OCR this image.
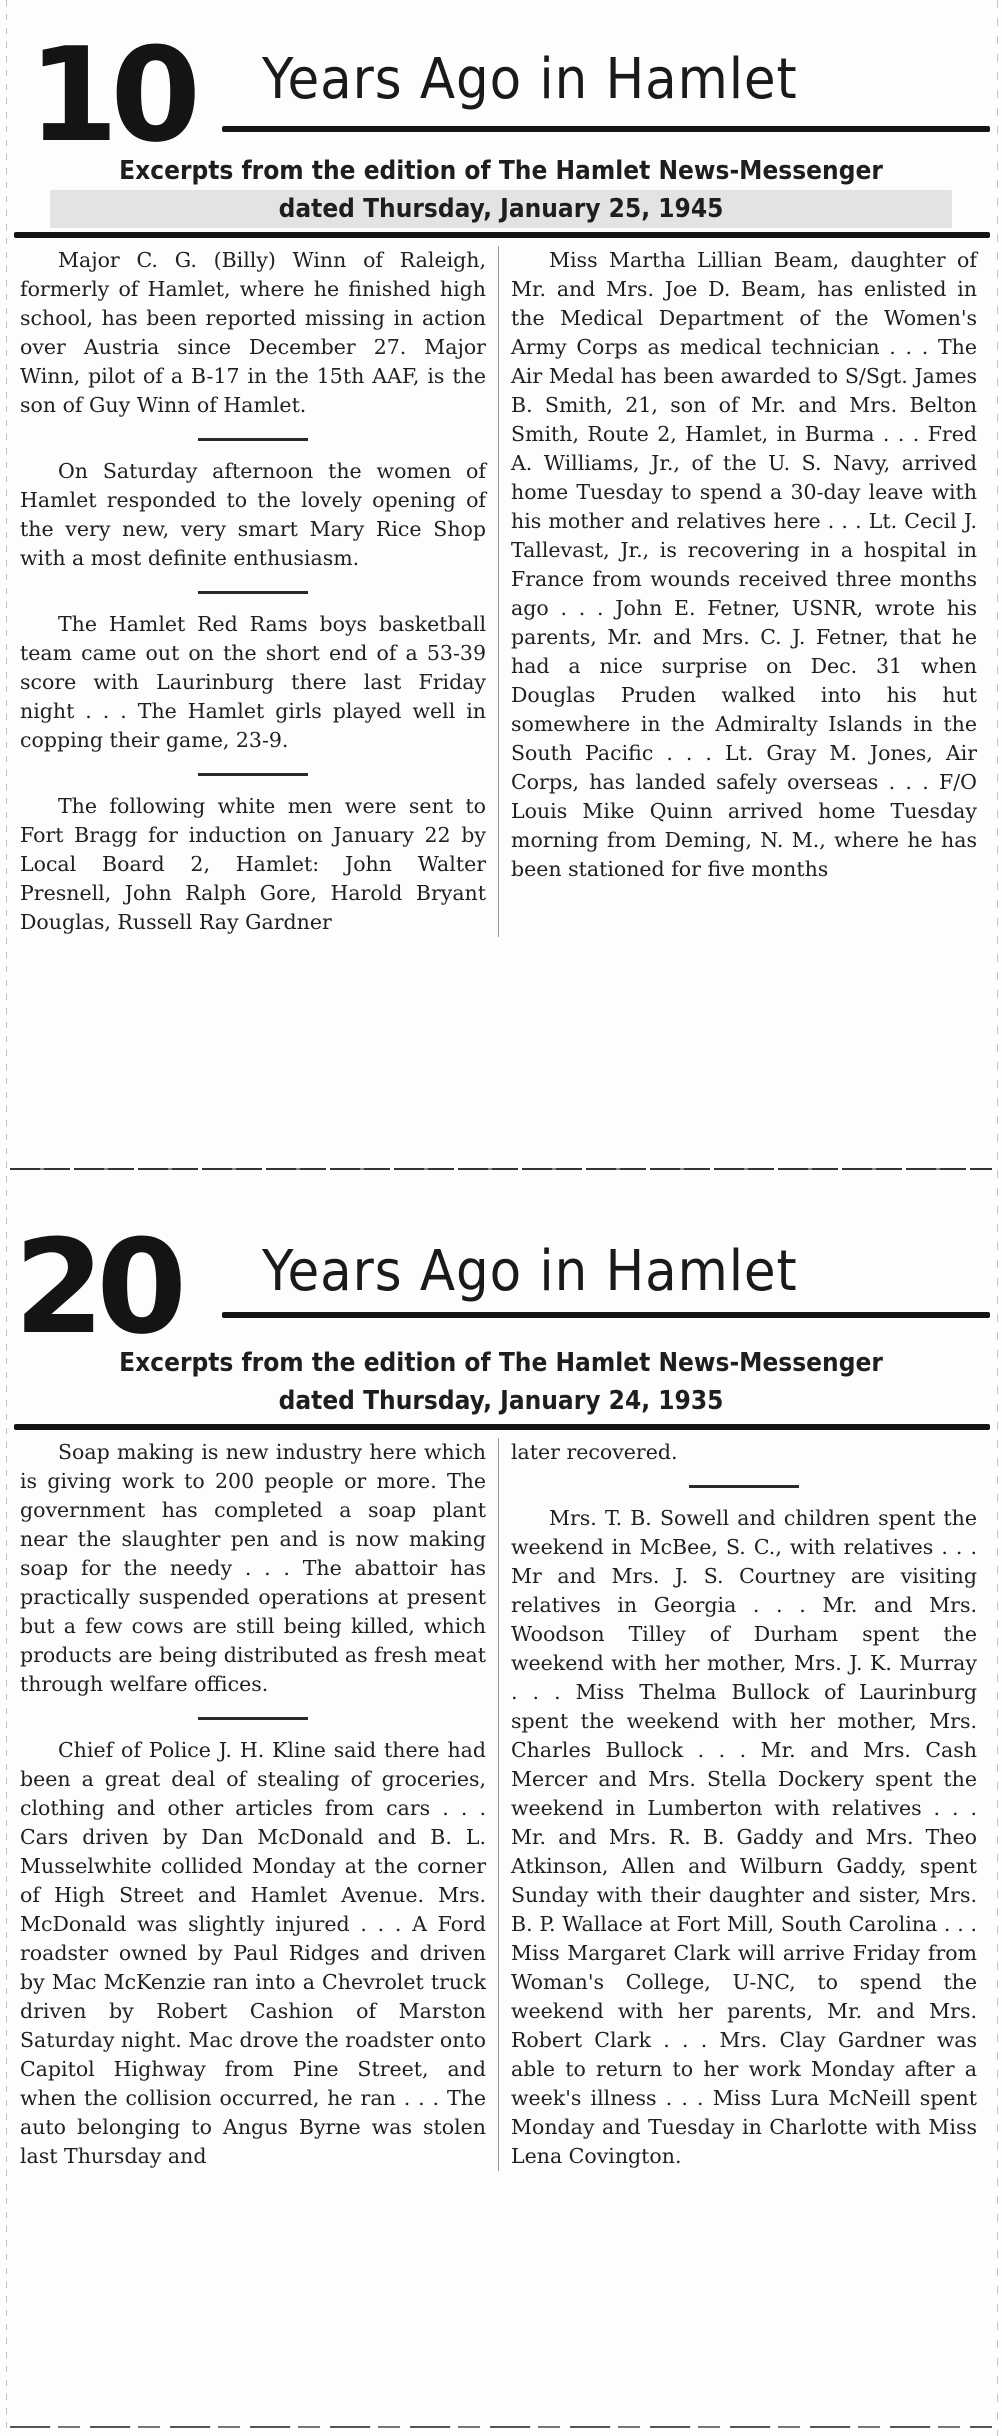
10 Years Ago in Hamlet
Excerpts from the edition of The Hamlet News-Messenger
dated Thursday, January 25, 1945

Major C. G. (Billy) Winn of Raleigh, formerly of Hamlet, where he finished high school, has been reported missing in action over Austria since December 27. Major Winn, pilot of a B-17 in the 15th AAF, is the son of Guy Winn of Hamlet.

On Saturday afternoon the women of Hamlet responded to the lovely opening of the very new, very smart Mary Rice Shop with a most definite enthusiasm.

The Hamlet Red Rams boys basketball team came out on the short end of a 53-39 score with Laurinburg there last Friday night . . . The Hamlet girls played well in copping their game, 23-9.

The following white men were sent to Fort Bragg for induction on January 22 by Local Board 2, Hamlet: John Walter Presnell, John Ralph Gore, Harold Bryant Douglas, Russell Ray Gardner

Miss Martha Lillian Beam, daughter of Mr. and Mrs. Joe D. Beam, has enlisted in the Medical Department of the Women's Army Corps as medical technician . . . The Air Medal has been awarded to S/Sgt. James B. Smith, 21, son of Mr. and Mrs. Belton Smith, Route 2, Hamlet, in Burma . . . Fred A. Williams, Jr., of the U. S. Navy, arrived home Tuesday to spend a 30-day leave with his mother and relatives here . . . Lt. Cecil J. Tallevast, Jr., is recovering in a hospital in France from wounds received three months ago . . . John E. Fetner, USNR, wrote his parents, Mr. and Mrs. C. J. Fetner, that he had a nice surprise on Dec. 31 when Douglas Pruden walked into his hut somewhere in the Admiralty Islands in the South Pacific . . . Lt. Gray M. Jones, Air Corps, has landed safely overseas . . . F/O Louis Mike Quinn arrived home Tuesday morning from Deming, N. M., where he has been stationed for five months

20 Years Ago in Hamlet
Excerpts from the edition of The Hamlet News-Messenger
dated Thursday, January 24, 1935

Soap making is new industry here which is giving work to 200 people or more. The government has completed a soap plant near the slaughter pen and is now making soap for the needy . . . The abattoir has practically suspended operations at present but a few cows are still being killed, which products are being distributed as fresh meat through welfare offices.

Chief of Police J. H. Kline said there had been a great deal of stealing of groceries, clothing and other articles from cars . . . Cars driven by Dan McDonald and B. L. Musselwhite collided Monday at the corner of High Street and Hamlet Avenue. Mrs. McDonald was slightly injured . . . A Ford roadster owned by Paul Ridges and driven by Mac McKenzie ran into a Chevrolet truck driven by Robert Cashion of Marston Saturday night. Mac drove the roadster onto Capitol Highway from Pine Street, and when the collision occurred, he ran . . . The auto belonging to Angus Byrne was stolen last Thursday and

later recovered.

Mrs. T. B. Sowell and children spent the weekend in McBee, S. C., with relatives . . . Mr and Mrs. J. S. Courtney are visiting relatives in Georgia . . . Mr. and Mrs. Woodson Tilley of Durham spent the weekend with her mother, Mrs. J. K. Murray . . . Miss Thelma Bullock of Laurinburg spent the weekend with her mother, Mrs. Charles Bullock . . . Mr. and Mrs. Cash Mercer and Mrs. Stella Dockery spent the weekend in Lumberton with relatives . . . Mr. and Mrs. R. B. Gaddy and Mrs. Theo Atkinson, Allen and Wilburn Gaddy, spent Sunday with their daughter and sister, Mrs. B. P. Wallace at Fort Mill, South Carolina . . . Miss Margaret Clark will arrive Friday from Woman's College, U-NC, to spend the weekend with her parents, Mr. and Mrs. Robert Clark . . . Mrs. Clay Gardner was able to return to her work Monday after a week's illness . . . Miss Lura McNeill spent Monday and Tuesday in Charlotte with Miss Lena Covington.
